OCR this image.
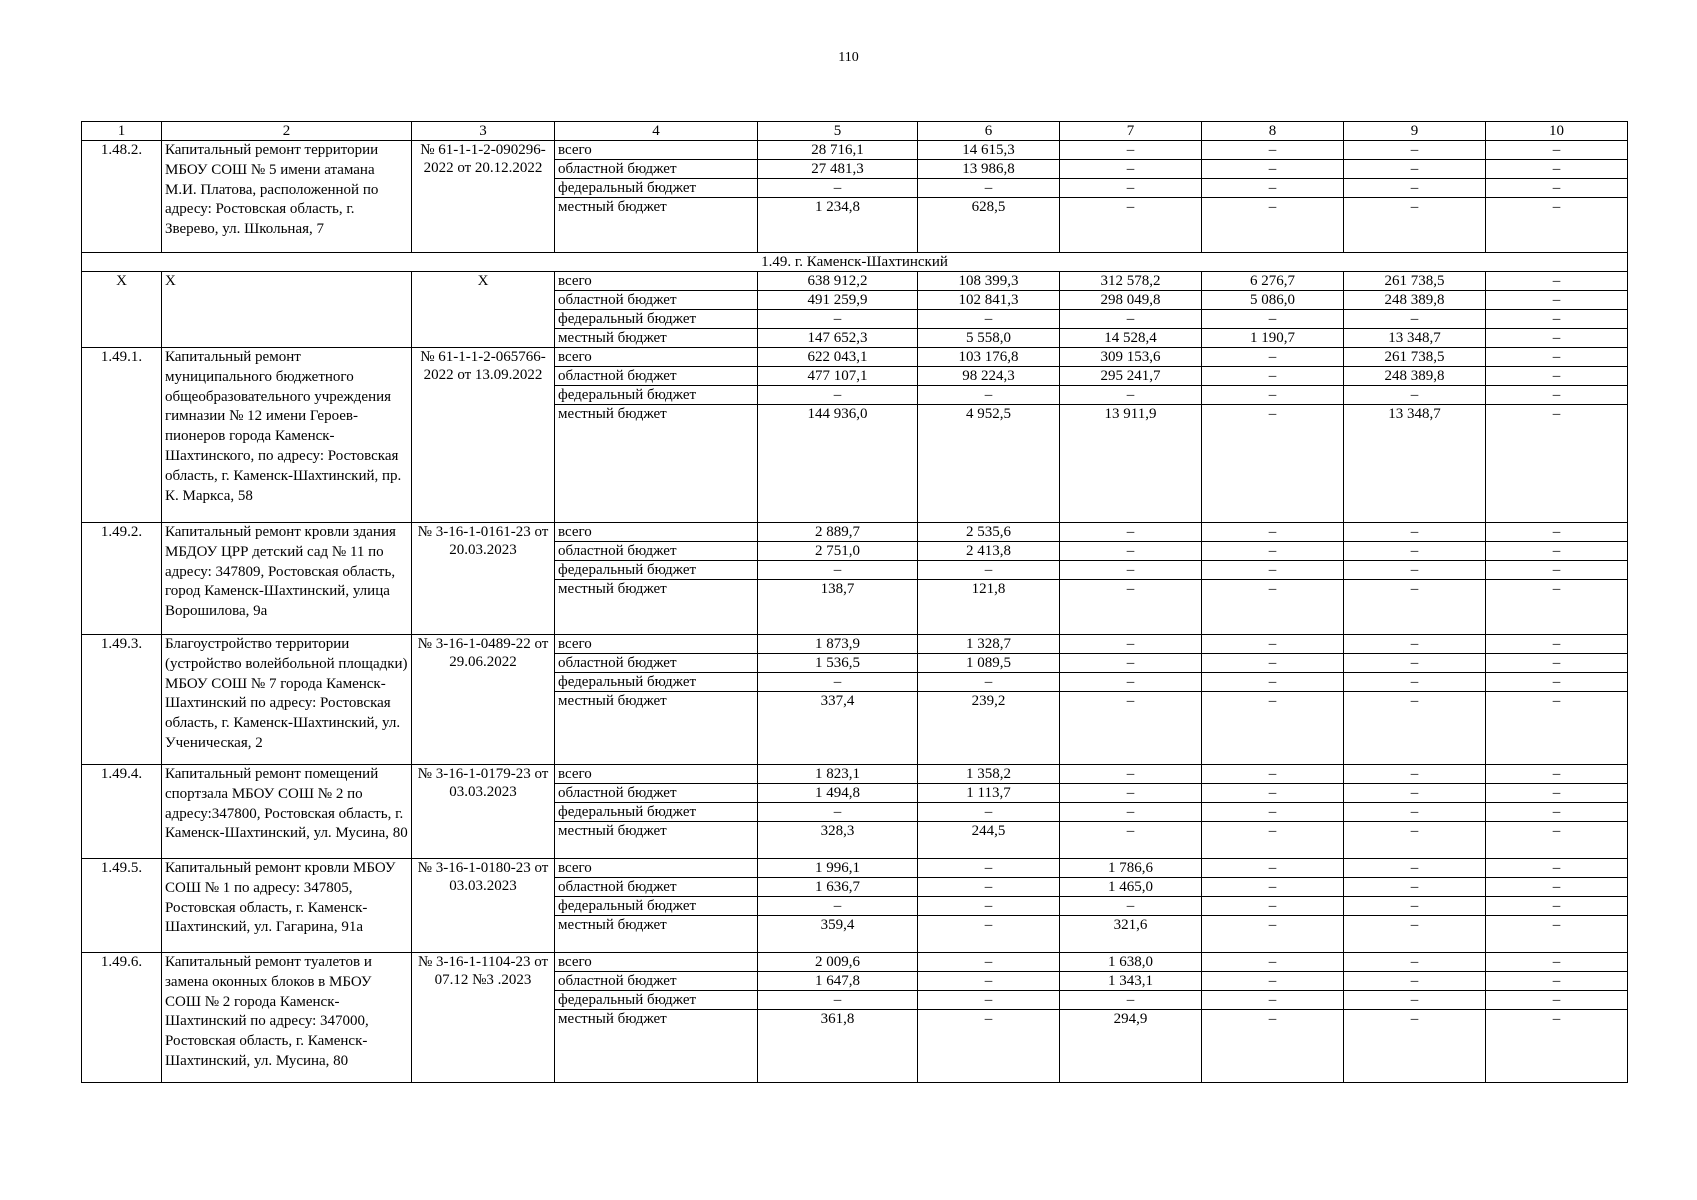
110
1	2	3	4	5	6	7	8	9	10
1.48.2.	Капитальный ремонт территории МБОУ СОШ № 5 имени атамана М.И. Платова, расположенной по адресу: Ростовская область, г. Зверево, ул. Школьная, 7	№ 61-1-1-2-090296-2022 от 20.12.2022	всего	28 716,1	14 615,3	–	–	–	–
			областной бюджет	27 481,3	13 986,8	–	–	–	–
			федеральный бюджет	–	–	–	–	–	–
			местный бюджет	1 234,8	628,5	–	–	–	–
1.49. г. Каменск-Шахтинский									
Х	Х	Х	всего	638 912,2	108 399,3	312 578,2	6 276,7	261 738,5	–
			областной бюджет	491 259,9	102 841,3	298 049,8	5 086,0	248 389,8	–
			федеральный бюджет	–	–	–	–	–	–
			местный бюджет	147 652,3	5 558,0	14 528,4	1 190,7	13 348,7	–
1.49.1.	Капитальный ремонт муниципального бюджетного общеобразовательного учреждения гимназии № 12 имени Героев-пионеров города Каменск-Шахтинского, по адресу: Ростовская область, г. Каменск-Шахтинский, пр. К. Маркса, 58	№ 61-1-1-2-065766-2022 от 13.09.2022	всего	622 043,1	103 176,8	309 153,6	–	261 738,5	–
			областной бюджет	477 107,1	98 224,3	295 241,7	–	248 389,8	–
			федеральный бюджет	–	–	–	–	–	–
			местный бюджет	144 936,0	4 952,5	13 911,9	–	13 348,7	–
1.49.2.	Капитальный ремонт кровли здания МБДОУ ЦРР детский сад № 11 по адресу: 347809, Ростовская область, город Каменск-Шахтинский, улица Ворошилова, 9а	№ 3-16-1-0161-23 от 20.03.2023	всего	2 889,7	2 535,6	–	–	–	–
			областной бюджет	2 751,0	2 413,8	–	–	–	–
			федеральный бюджет	–	–	–	–	–	–
			местный бюджет	138,7	121,8	–	–	–	–
1.49.3.	Благоустройство территории (устройство волейбольной площадки) МБОУ СОШ № 7 города Каменск-Шахтинский по адресу: Ростовская область, г. Каменск-Шахтинский, ул. Ученическая, 2	№ 3-16-1-0489-22 от 29.06.2022	всего	1 873,9	1 328,7	–	–	–	–
			областной бюджет	1 536,5	1 089,5	–	–	–	–
			федеральный бюджет	–	–	–	–	–	–
			местный бюджет	337,4	239,2	–	–	–	–
1.49.4.	Капитальный ремонт помещений спортзала МБОУ СОШ № 2 по адресу:347800, Ростовская область, г. Каменск-Шахтинский, ул. Мусина, 80	№ 3-16-1-0179-23 от 03.03.2023	всего	1 823,1	1 358,2	–	–	–	–
			областной бюджет	1 494,8	1 113,7	–	–	–	–
			федеральный бюджет	–	–	–	–	–	–
			местный бюджет	328,3	244,5	–	–	–	–
1.49.5.	Капитальный ремонт кровли МБОУ СОШ № 1 по адресу: 347805, Ростовская область, г. Каменск-Шахтинский, ул. Гагарина, 91а	№ 3-16-1-0180-23 от 03.03.2023	всего	1 996,1	–	1 786,6	–	–	–
			областной бюджет	1 636,7	–	1 465,0	–	–	–
			федеральный бюджет	–	–	–	–	–	–
			местный бюджет	359,4	–	321,6	–	–	–
1.49.6.	Капитальный ремонт туалетов и замена оконных блоков в МБОУ СОШ № 2 города Каменск-Шахтинский по адресу: 347000, Ростовская область, г. Каменск-Шахтинский, ул. Мусина, 80	№ 3-16-1-1104-23 от 07.12 №3 .2023	всего	2 009,6	–	1 638,0	–	–	–
			областной бюджет	1 647,8	–	1 343,1	–	–	–
			федеральный бюджет	–	–	–	–	–	–
			местный бюджет	361,8	–	294,9	–	–	–
